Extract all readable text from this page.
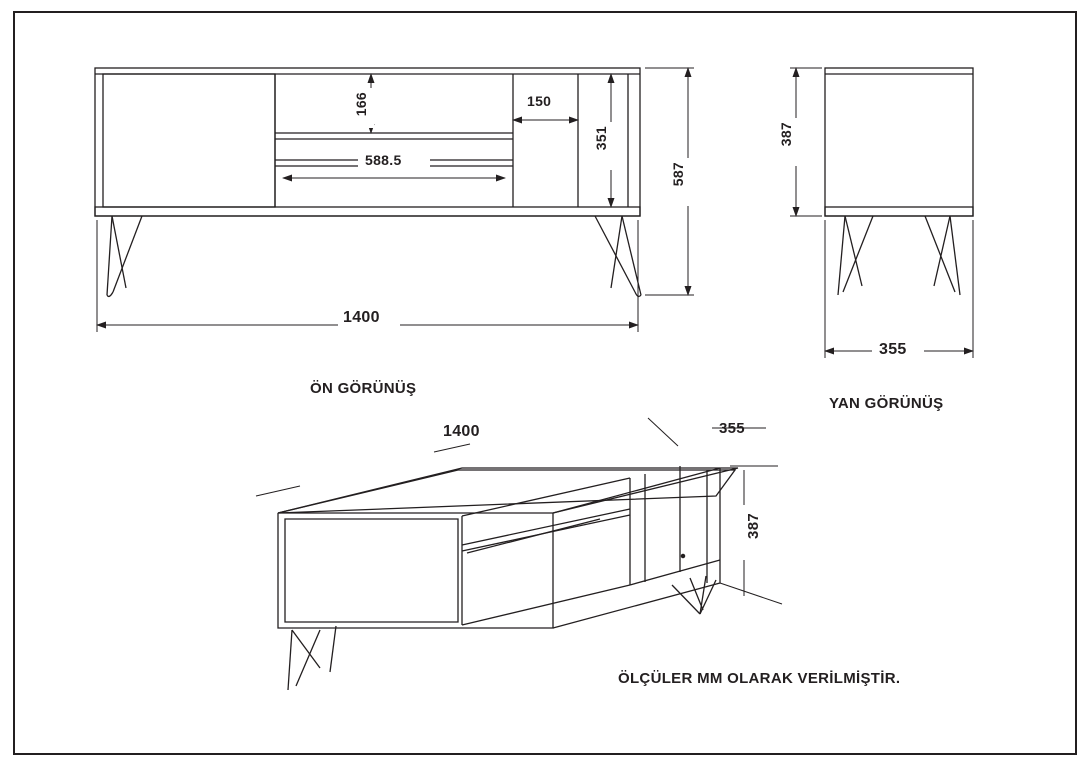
166	150
588.5
351
587
1400
ÖN GÖRÜNÜŞ
387
355
YAN GÖRÜNÜŞ
1400	355
387
ÖLÇÜLER MM OLARAK VERİLMİŞTİR.
